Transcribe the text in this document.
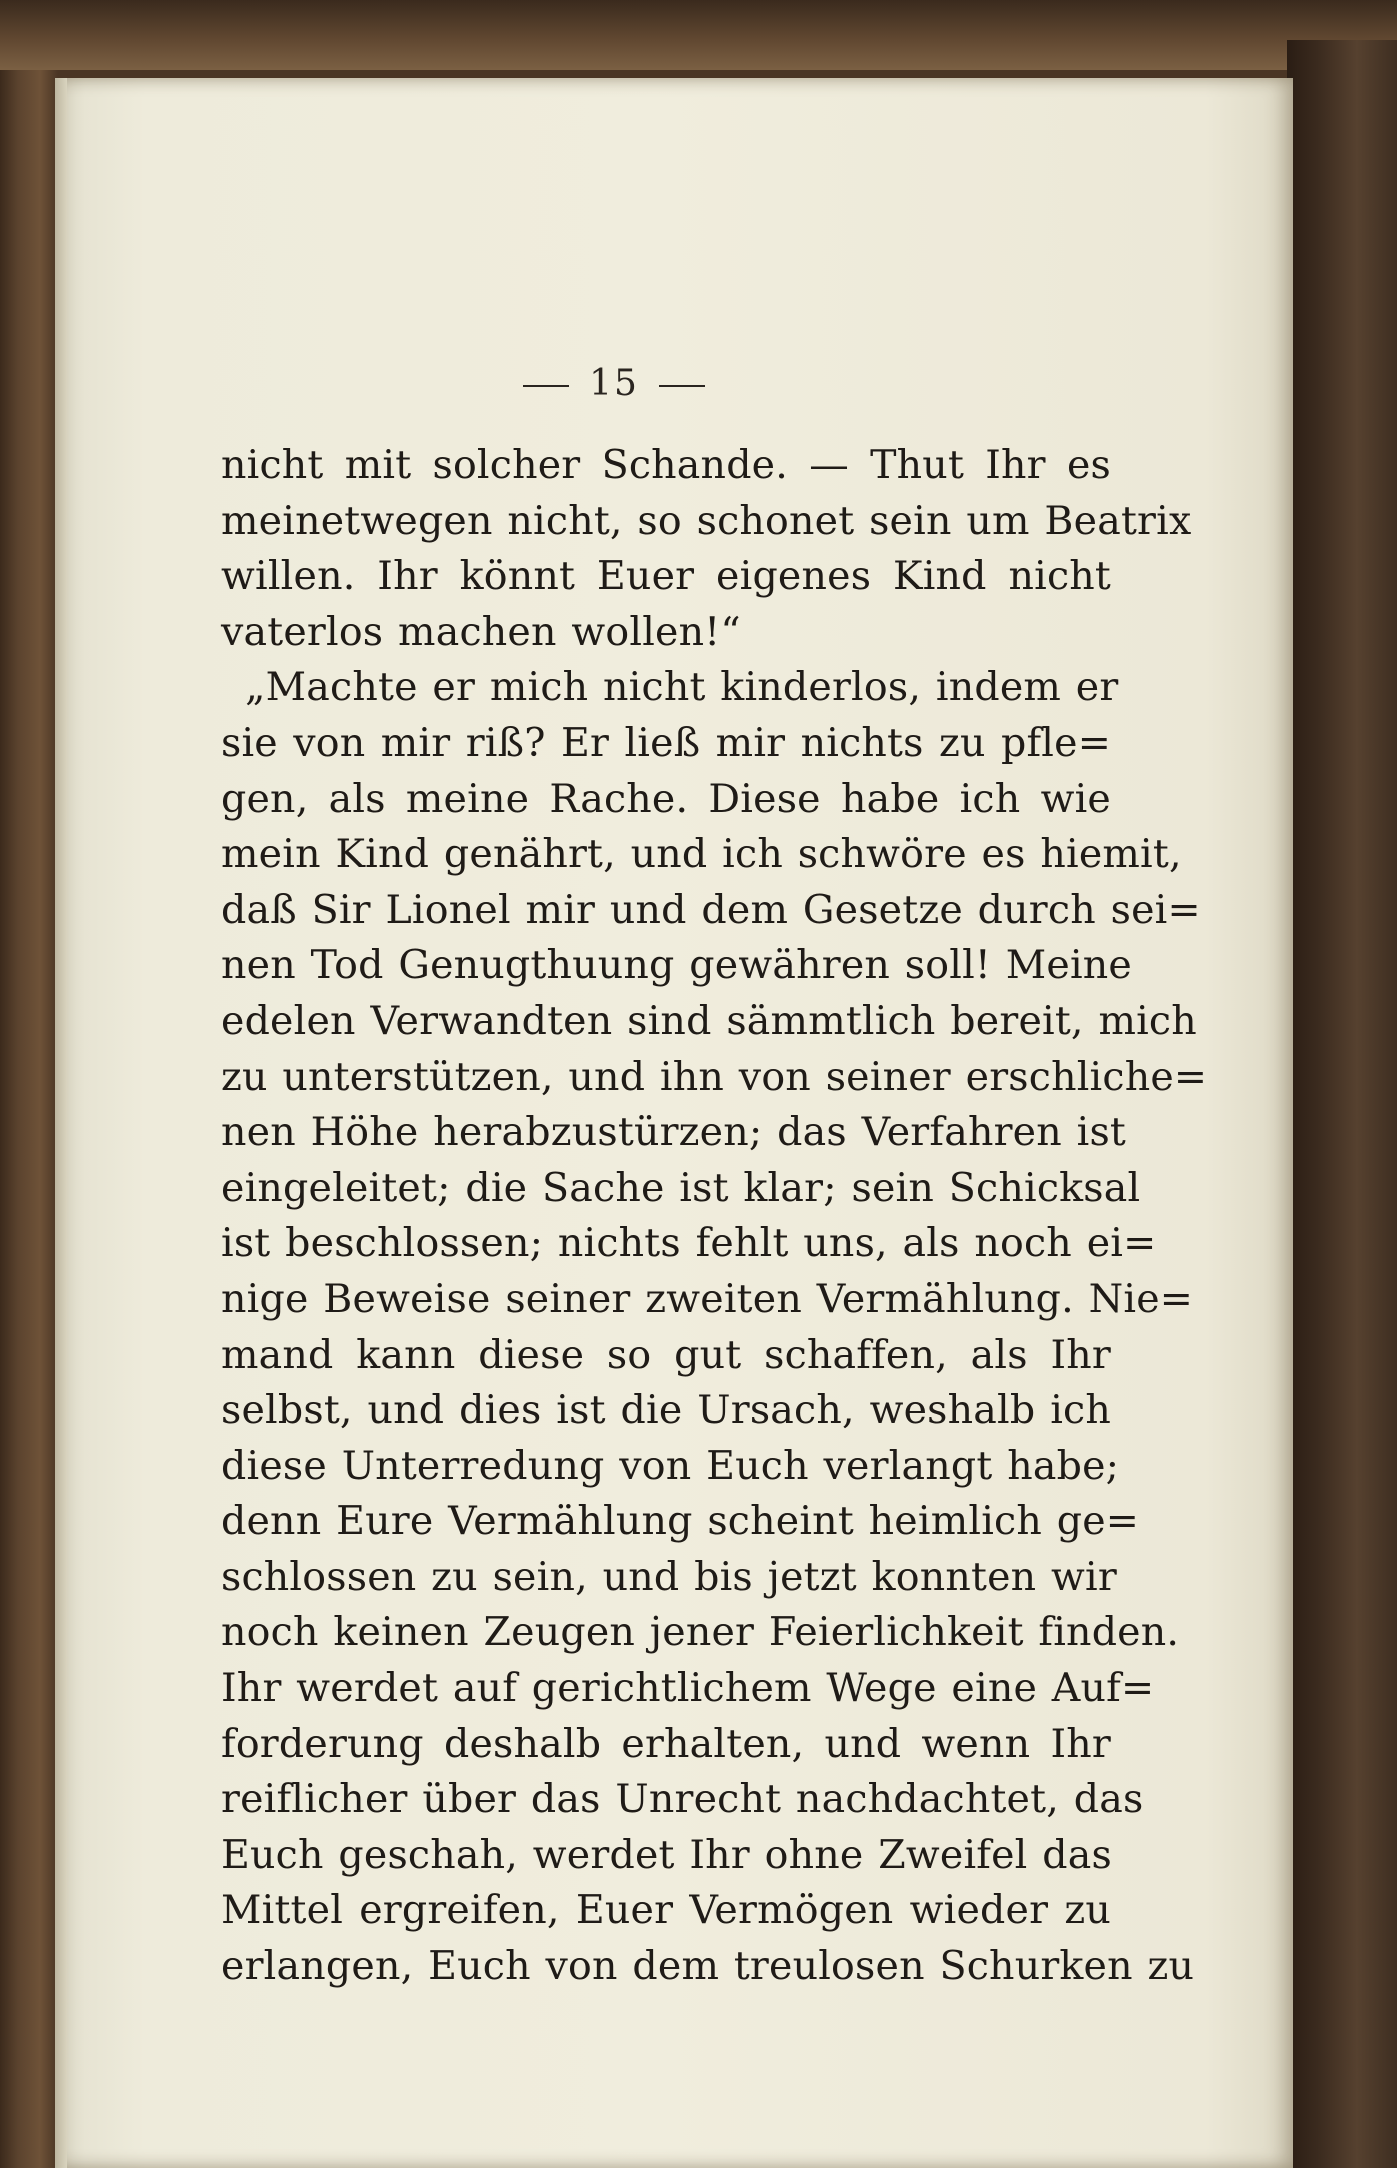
15
nicht mit solcher Schande. — Thut Ihr es
meinetwegen nicht, so schonet sein um Beatrix
willen. Ihr könnt Euer eigenes Kind nicht
vaterlos machen wollen!“
„Machte er mich nicht kinderlos, indem er
sie von mir riß? Er ließ mir nichts zu pfle=
gen, als meine Rache. Diese habe ich wie
mein Kind genährt, und ich schwöre es hiemit,
daß Sir Lionel mir und dem Gesetze durch sei=
nen Tod Genugthuung gewähren soll! Meine
edelen Verwandten sind sämmtlich bereit, mich
zu unterstützen, und ihn von seiner erschliche=
nen Höhe herabzustürzen; das Verfahren ist
eingeleitet; die Sache ist klar; sein Schicksal
ist beschlossen; nichts fehlt uns, als noch ei=
nige Beweise seiner zweiten Vermählung. Nie=
mand kann diese so gut schaffen, als Ihr
selbst, und dies ist die Ursach, weshalb ich
diese Unterredung von Euch verlangt habe;
denn Eure Vermählung scheint heimlich ge=
schlossen zu sein, und bis jetzt konnten wir
noch keinen Zeugen jener Feierlichkeit finden.
Ihr werdet auf gerichtlichem Wege eine Auf=
forderung deshalb erhalten, und wenn Ihr
reiflicher über das Unrecht nachdachtet, das
Euch geschah, werdet Ihr ohne Zweifel das
Mittel ergreifen, Euer Vermögen wieder zu
erlangen, Euch von dem treulosen Schurken zu
